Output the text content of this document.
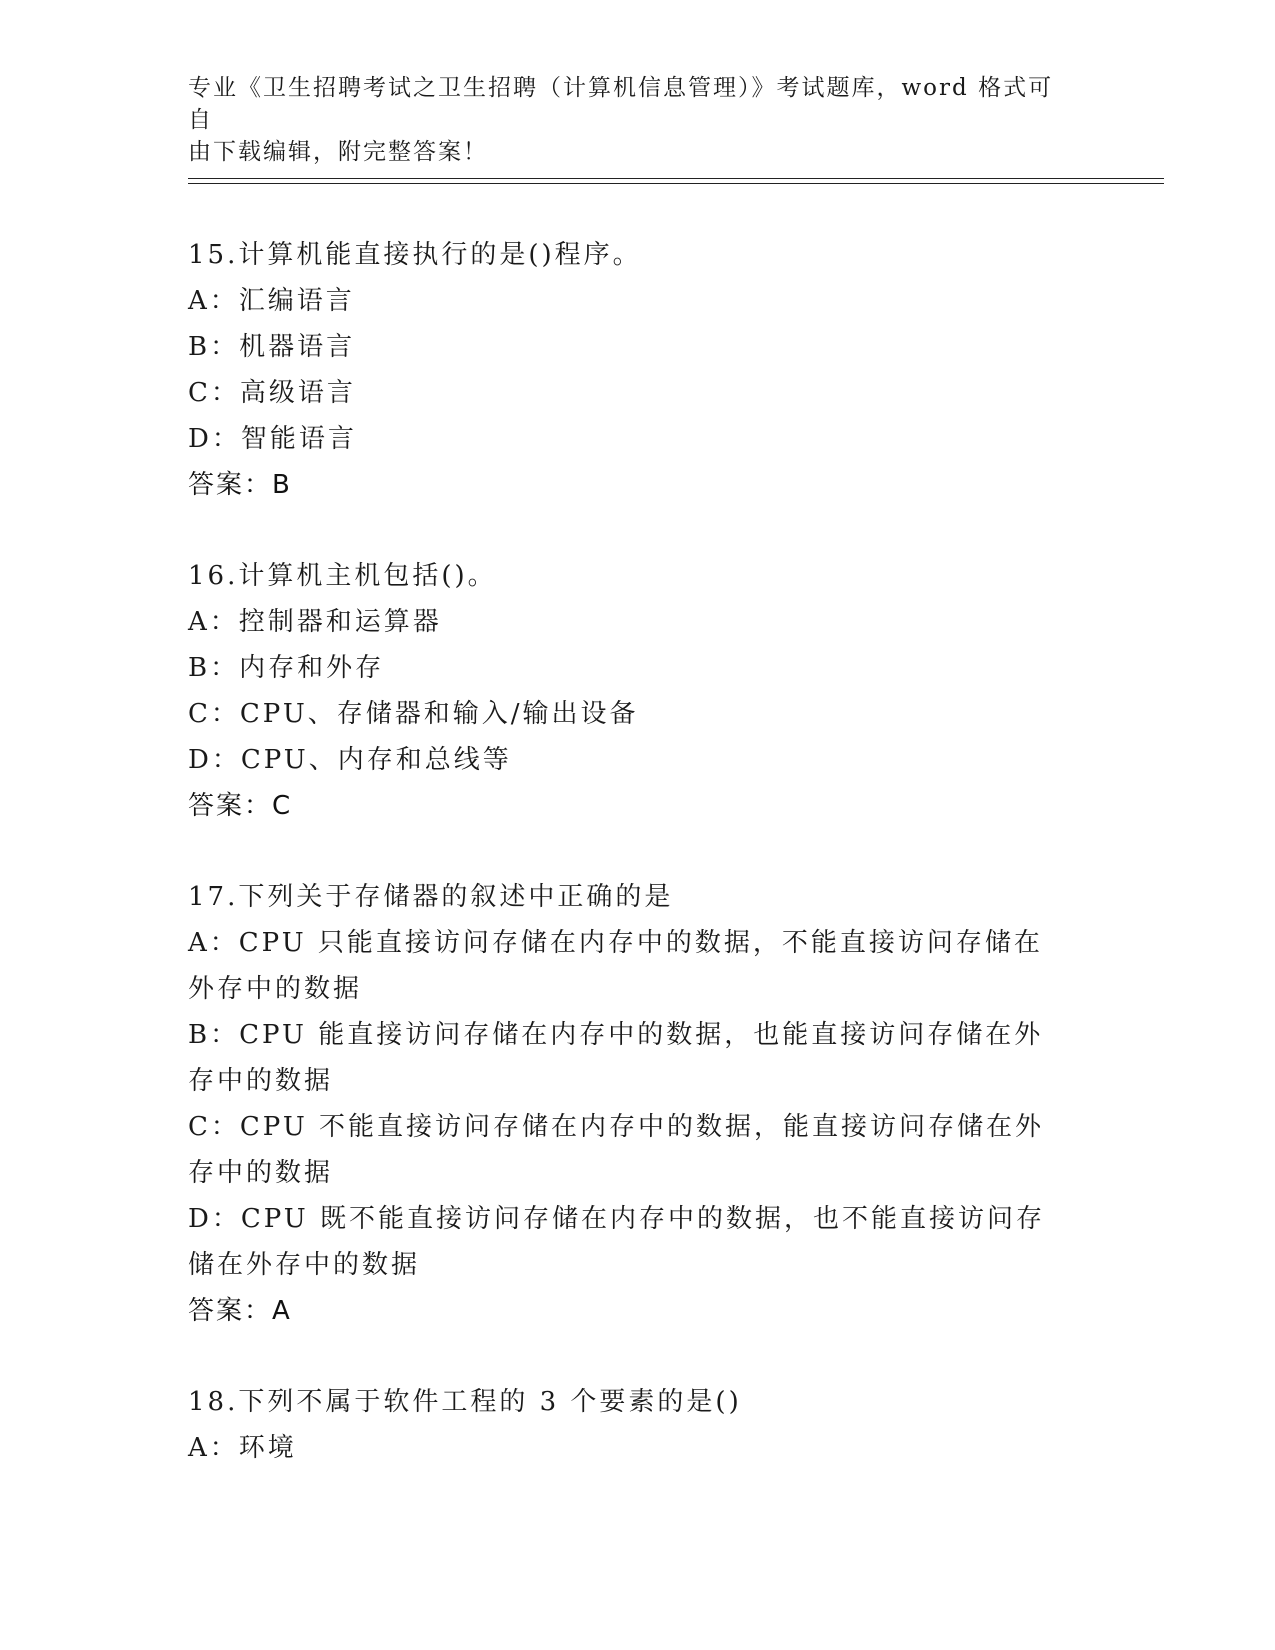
专业《卫生招聘考试之卫生招聘（计算机信息管理）》考试题库，word 格式可自
由下载编辑，附完整答案！
15.计算机能直接执行的是()程序。
A：汇编语言
B：机器语言
C：高级语言
D：智能语言
答案：B
16.计算机主机包括()。
A：控制器和运算器
B：内存和外存
C：CPU、存储器和输入/输出设备
D：CPU、内存和总线等
答案：C
17.下列关于存储器的叙述中正确的是
A：CPU 只能直接访问存储在内存中的数据，不能直接访问存储在外存中的数据
B：CPU 能直接访问存储在内存中的数据，也能直接访问存储在外存中的数据
C：CPU 不能直接访问存储在内存中的数据，能直接访问存储在外存中的数据
D：CPU 既不能直接访问存储在内存中的数据，也不能直接访问存储在外存中的数据
答案：A
18.下列不属于软件工程的 3 个要素的是()
A：环境
